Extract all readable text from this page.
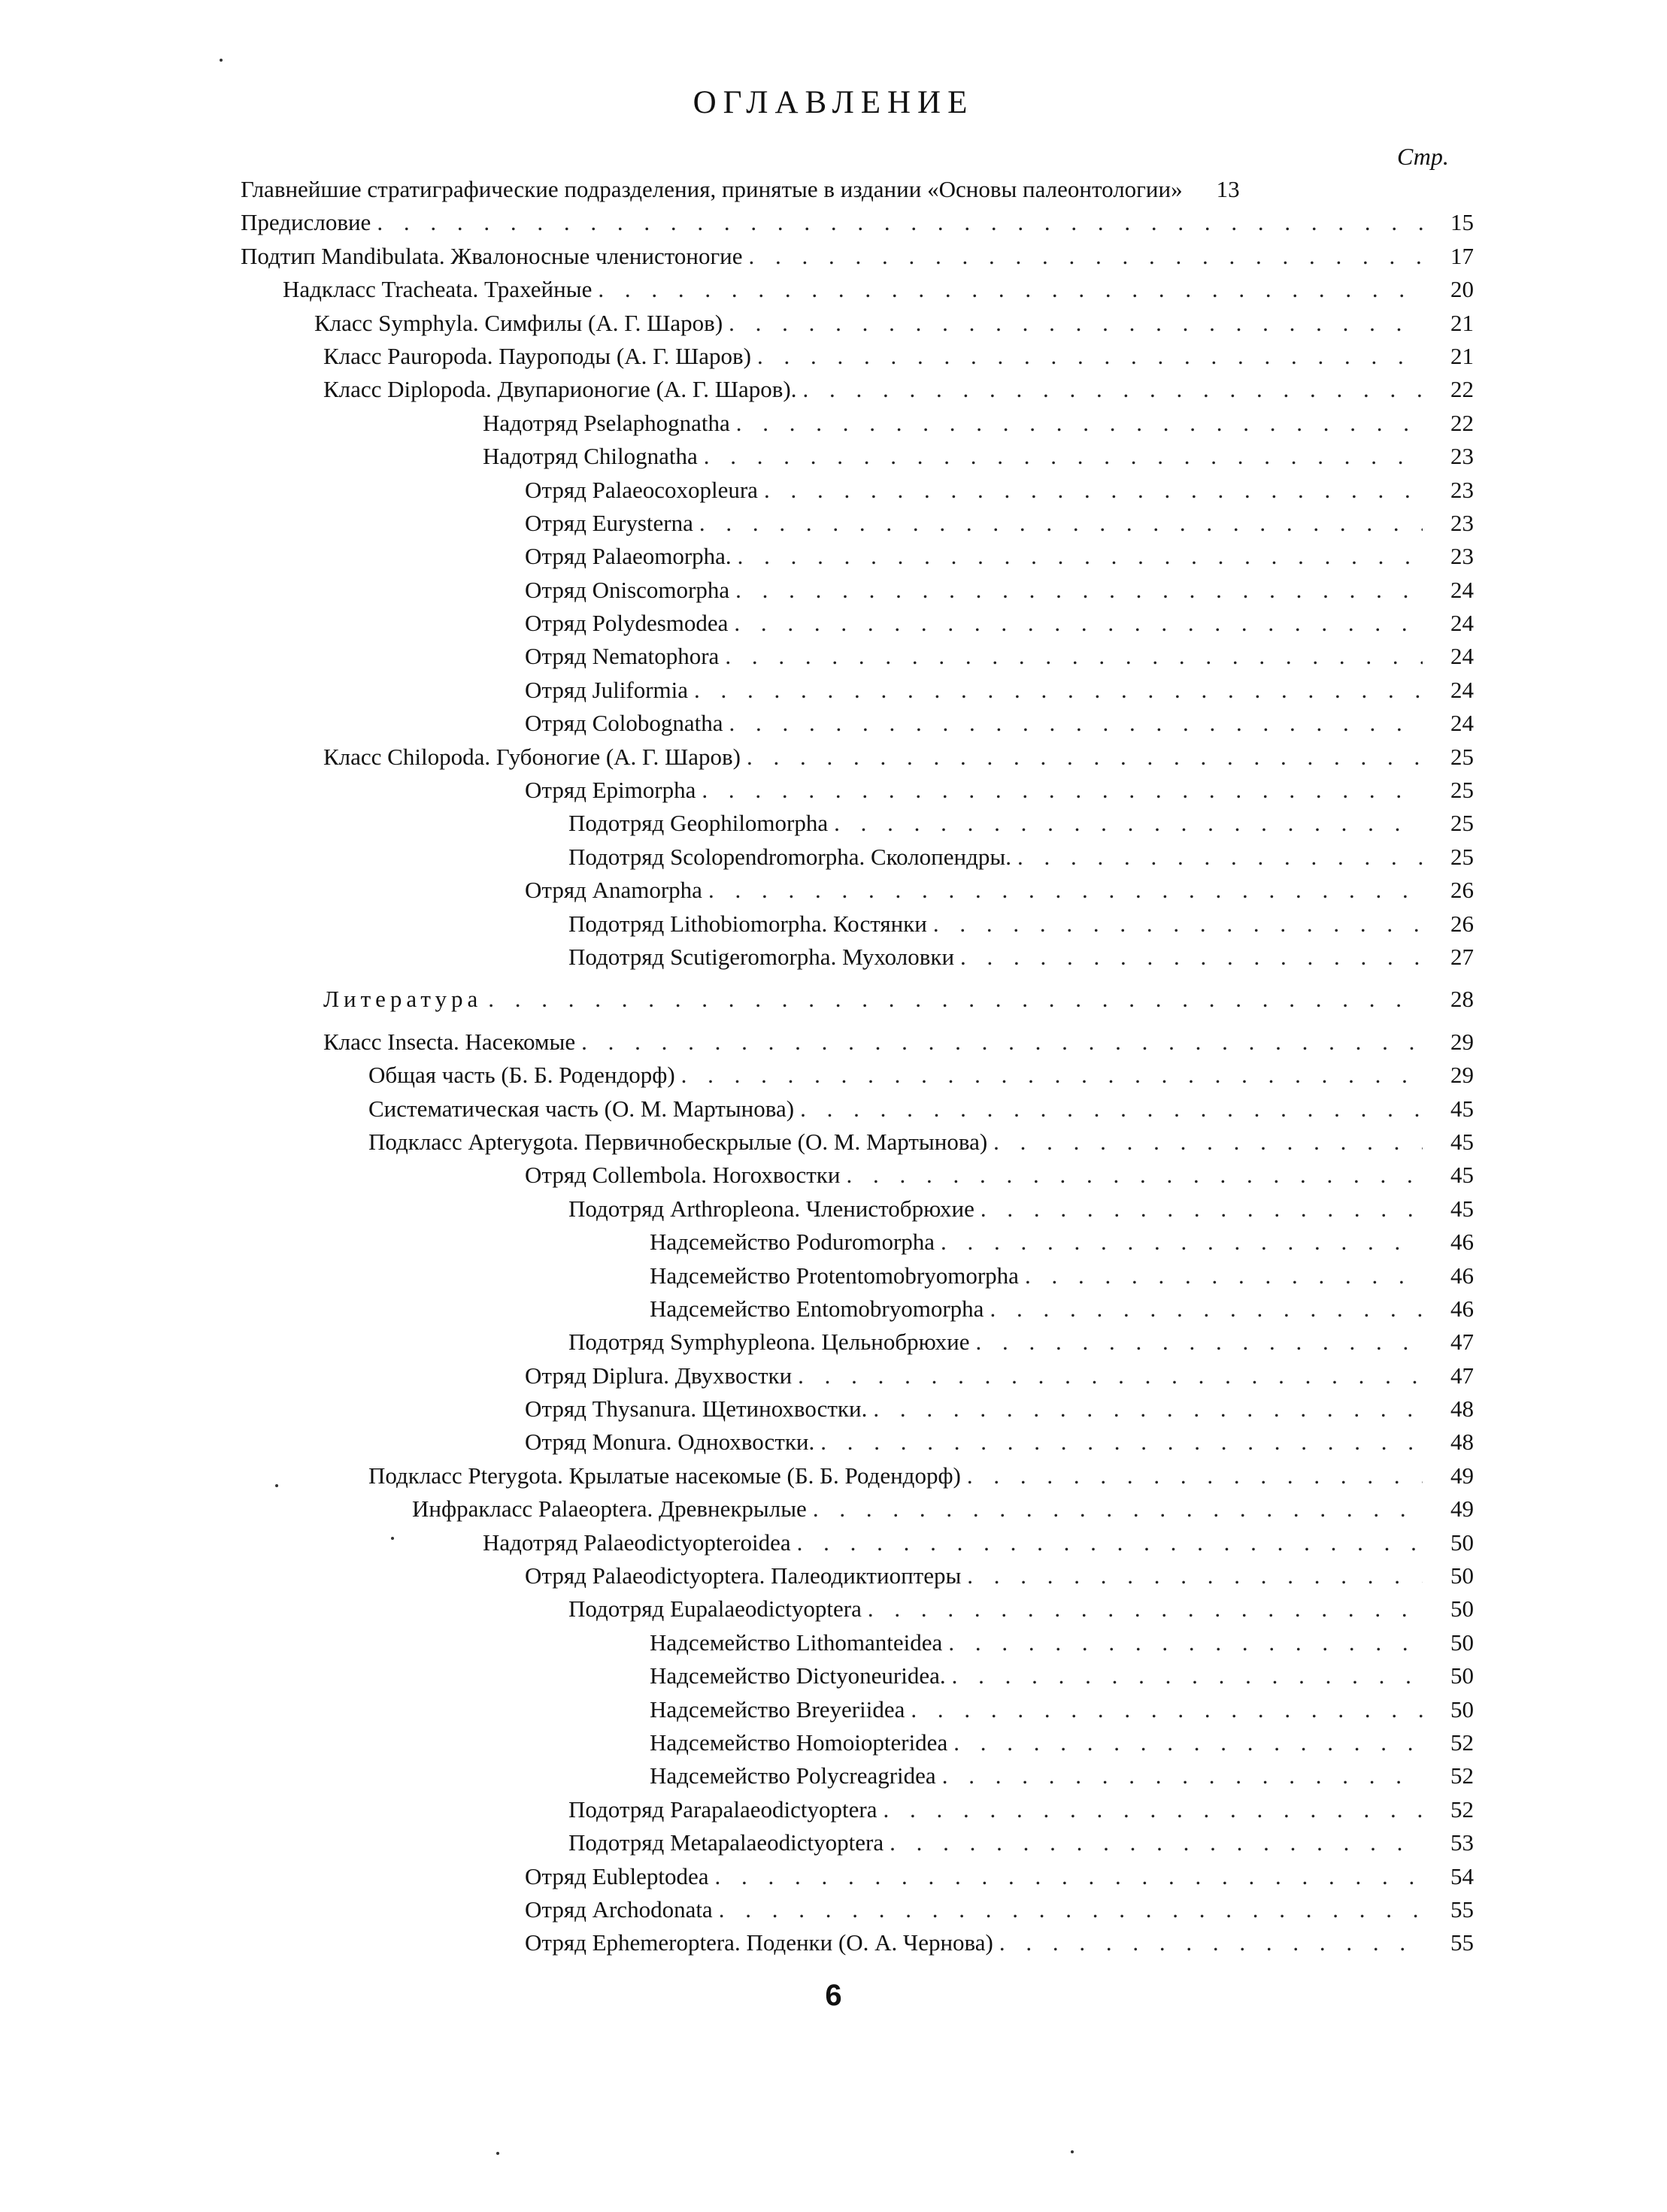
ОГЛАВЛЕНИЕ
Стр.
Главнейшие стратиграфические подразделения, принятые в издании «Основы палеонтологии»	13
Предисловие . . .	15
Подтип Mandibulata. Жвалоносные членистоногие . . .	17
Надкласс Tracheata. Трахейные . . .	20
Класс Symphyla. Симфилы (А. Г. Шаров) . . .	21
Класс Pauropoda. Пауроподы (А. Г. Шаров) . . .	21
Класс Diplopoda. Двупарионогие (А. Г. Шаров). . . .	22
Надотряд Pselaphognatha . . .	22
Надотряд Chilognatha . . .	23
Отряд Palaeocoxopleura . . .	23
Отряд Eurysterna . . .	23
Отряд Palaeomorpha. . . .	23
Отряд Oniscomorpha . . .	24
Отряд Polydesmodea . . .	24
Отряд Nematophora . . .	24
Отряд Juliformia . . .	24
Отряд Colobognatha . . .	24
Класс Chilopoda. Губоногие (А. Г. Шаров) . . .	25
Отряд Epimorpha . . .	25
Подотряд Geophilomorpha . . .	25
Подотряд Scolopendromorpha. Сколопендры. . . .	25
Отряд Anamorpha . . .	26
Подотряд Lithobiomorpha. Костянки . . .	26
Подотряд Scutigeromorpha. Мухоловки . . .	27
Литература . . .	28
Класс Insecta. Насекомые . . .	29
Общая часть (Б. Б. Родендорф) . . .	29
Систематическая часть (О. М. Мартынова) . . .	45
Подкласс Apterygota. Первичнобескрылые (О. М. Мартынова) . . .	45
Отряд Collembola. Ногохвостки . . .	45
Подотряд Arthropleona. Членистобрюхие . . .	45
Надсемейство Poduromorpha . . .	46
Надсемейство Protentomobryomorpha . . .	46
Надсемейство Entomobryomorpha . . .	46
Подотряд Symphypleona. Цельнобрюхие . . .	47
Отряд Diplura. Двухвостки . . .	47
Отряд Thysanura. Щетинохвостки. . . .	48
Отряд Monura. Однохвостки. . . .	48
Подкласс Pterygota. Крылатые насекомые (Б. Б. Родендорф) . . .	49
Инфракласс Palaeoptera. Древнекрылые . . .	49
Надотряд Palaeodictyopteroidea . . .	50
Отряд Palaeodictyoptera. Палеодиктиоптеры . . .	50
Подотряд Eupalaeodictyoptera . . .	50
Надсемейство Lithomanteidea . . .	50
Надсемейство Dictyoneuridea. . . .	50
Надсемейство Breyeriidea . . .	50
Надсемейство Homoiopteridea . . .	52
Надсемейство Polycreagridea . . .	52
Подотряд Parapalaeodictyoptera . . .	52
Подотряд Metapalaeodictyoptera . . .	53
Отряд Eubleptodea . . .	54
Отряд Archodonata . . .	55
Отряд Ephemeroptera. Поденки (О. А. Чернова) . . .	55
6
